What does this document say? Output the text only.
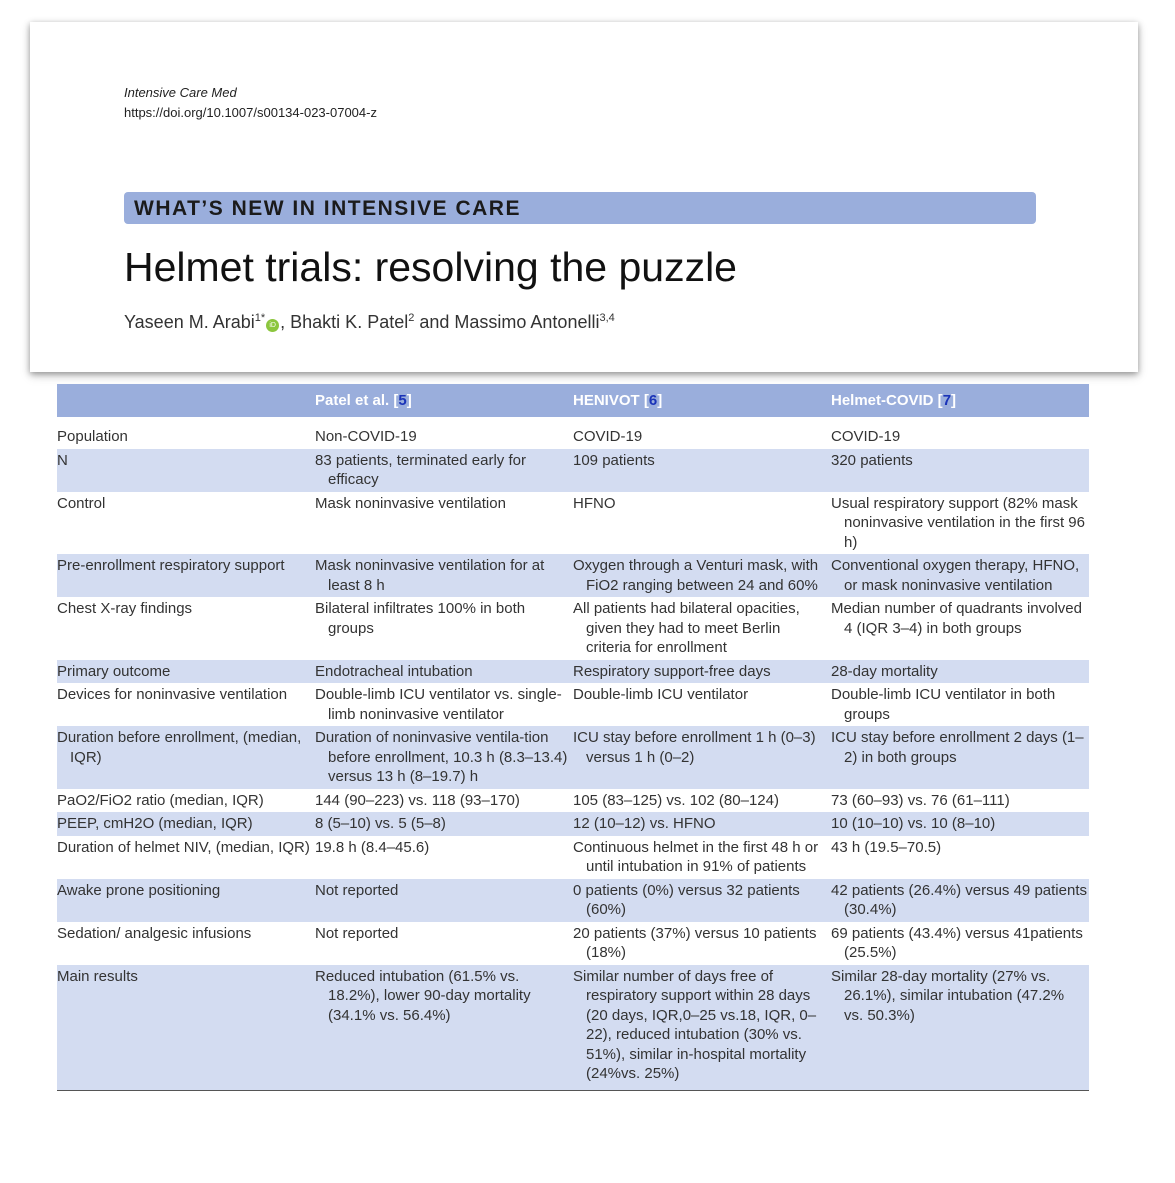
Intensive Care Med
https://doi.org/10.1007/s00134-023-07004-z
WHAT’S NEW IN INTENSIVE CARE
Helmet trials: resolving the puzzle
Yaseen M. Arabi$^{1*}$iD , Bhakti K. Patel$^2$ and Massimo Antonelli$^{3,4}$
	Patel et al. [5]	HENIVOT [6]	Helmet-COVID [7]

Population	Non-COVID-19	COVID-19	COVID-19

N	83 patients, terminated early for efficacy	109 patients	320 patients

Control	Mask noninvasive ventilation	HFNO	Usual respiratory support (82% mask noninvasive ventilation in the first 96 h)

Pre-enrollment respiratory support	Mask noninvasive ventilation for at least 8 h	Oxygen through a Venturi mask, with FiO2 ranging between 24 and 60%	Conventional oxygen therapy, HFNO, or mask noninvasive ventilation

Chest X-ray findings	Bilateral infiltrates 100% in both groups	All patients had bilateral opacities, given they had to meet Berlin criteria for enrollment	Median number of quadrants involved 4 (IQR 3–4) in both groups

Primary outcome	Endotracheal intubation	Respiratory support-free days	28-day mortality

Devices for noninvasive ventilation	Double-limb ICU ventilator vs. single-limb noninvasive ventilator	Double-limb ICU ventilator	Double-limb ICU ventilator in both groups

Duration before enrollment, (median, IQR)	Duration of noninvasive ventila-tion before enrollment, 10.3 h (8.3–13.4) versus 13 h (8–19.7) h	ICU stay before enrollment 1 h (0–3) versus 1 h (0–2)	ICU stay before enrollment 2 days (1–2) in both groups

PaO2/FiO2 ratio (median, IQR)	144 (90–223) vs. 118 (93–170)	105 (83–125) vs. 102 (80–124)	73 (60–93) vs. 76 (61–111)

PEEP, cmH2O (median, IQR)	8 (5–10) vs. 5 (5–8)	12 (10–12) vs. HFNO	10 (10–10) vs. 10 (8–10)

Duration of helmet NIV, (median, IQR)	19.8 h (8.4–45.6)	Continuous helmet in the first 48 h or until intubation in 91% of patients	43 h (19.5–70.5)

Awake prone positioning	Not reported	0 patients (0%) versus 32 patients (60%)	42 patients (26.4%) versus 49 patients (30.4%)

Sedation/ analgesic infusions	Not reported	20 patients (37%) versus 10 patients (18%)	69 patients (43.4%) versus 41patients (25.5%)

Main results	Reduced intubation (61.5% vs. 18.2%), lower 90-day mortality (34.1% vs. 56.4%)	Similar number of days free of respiratory support within 28 days (20 days, IQR,0–25 vs.18, IQR, 0–22), reduced intubation (30% vs. 51%), similar in-hospital mortality (24%vs. 25%)	Similar 28-day mortality (27% vs. 26.1%), similar intubation (47.2% vs. 50.3%)
